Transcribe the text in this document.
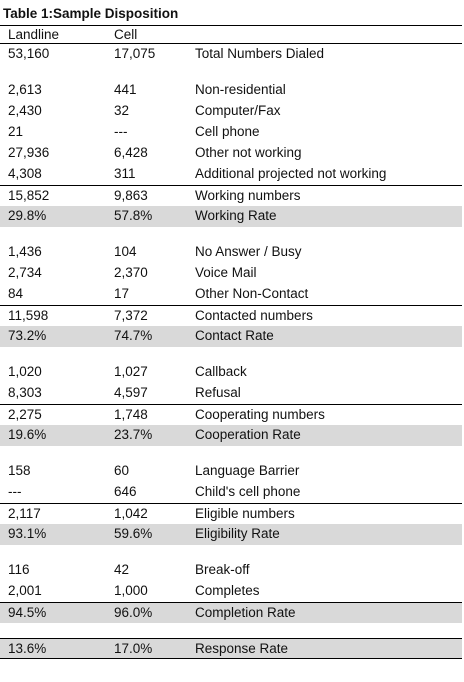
Table 1:Sample Disposition
Landline	Cell
53,160	17,075	Total Numbers Dialed
2,613	441	Non-residential
2,430	32	Computer/Fax
21	---	Cell phone
27,936	6,428	Other not working
4,308	311	Additional projected not working
15,852	9,863	Working numbers
29.8%	57.8%	Working Rate
1,436	104	No Answer / Busy
2,734	2,370	Voice Mail
84	17	Other Non-Contact
11,598	7,372	Contacted numbers
73.2%	74.7%	Contact Rate
1,020	1,027	Callback
8,303	4,597	Refusal
2,275	1,748	Cooperating numbers
19.6%	23.7%	Cooperation Rate
158	60	Language Barrier
---	646	Child's cell phone
2,117	1,042	Eligible numbers
93.1%	59.6%	Eligibility Rate
116	42	Break-off
2,001	1,000	Completes
94.5%	96.0%	Completion Rate
13.6%	17.0%	Response Rate
